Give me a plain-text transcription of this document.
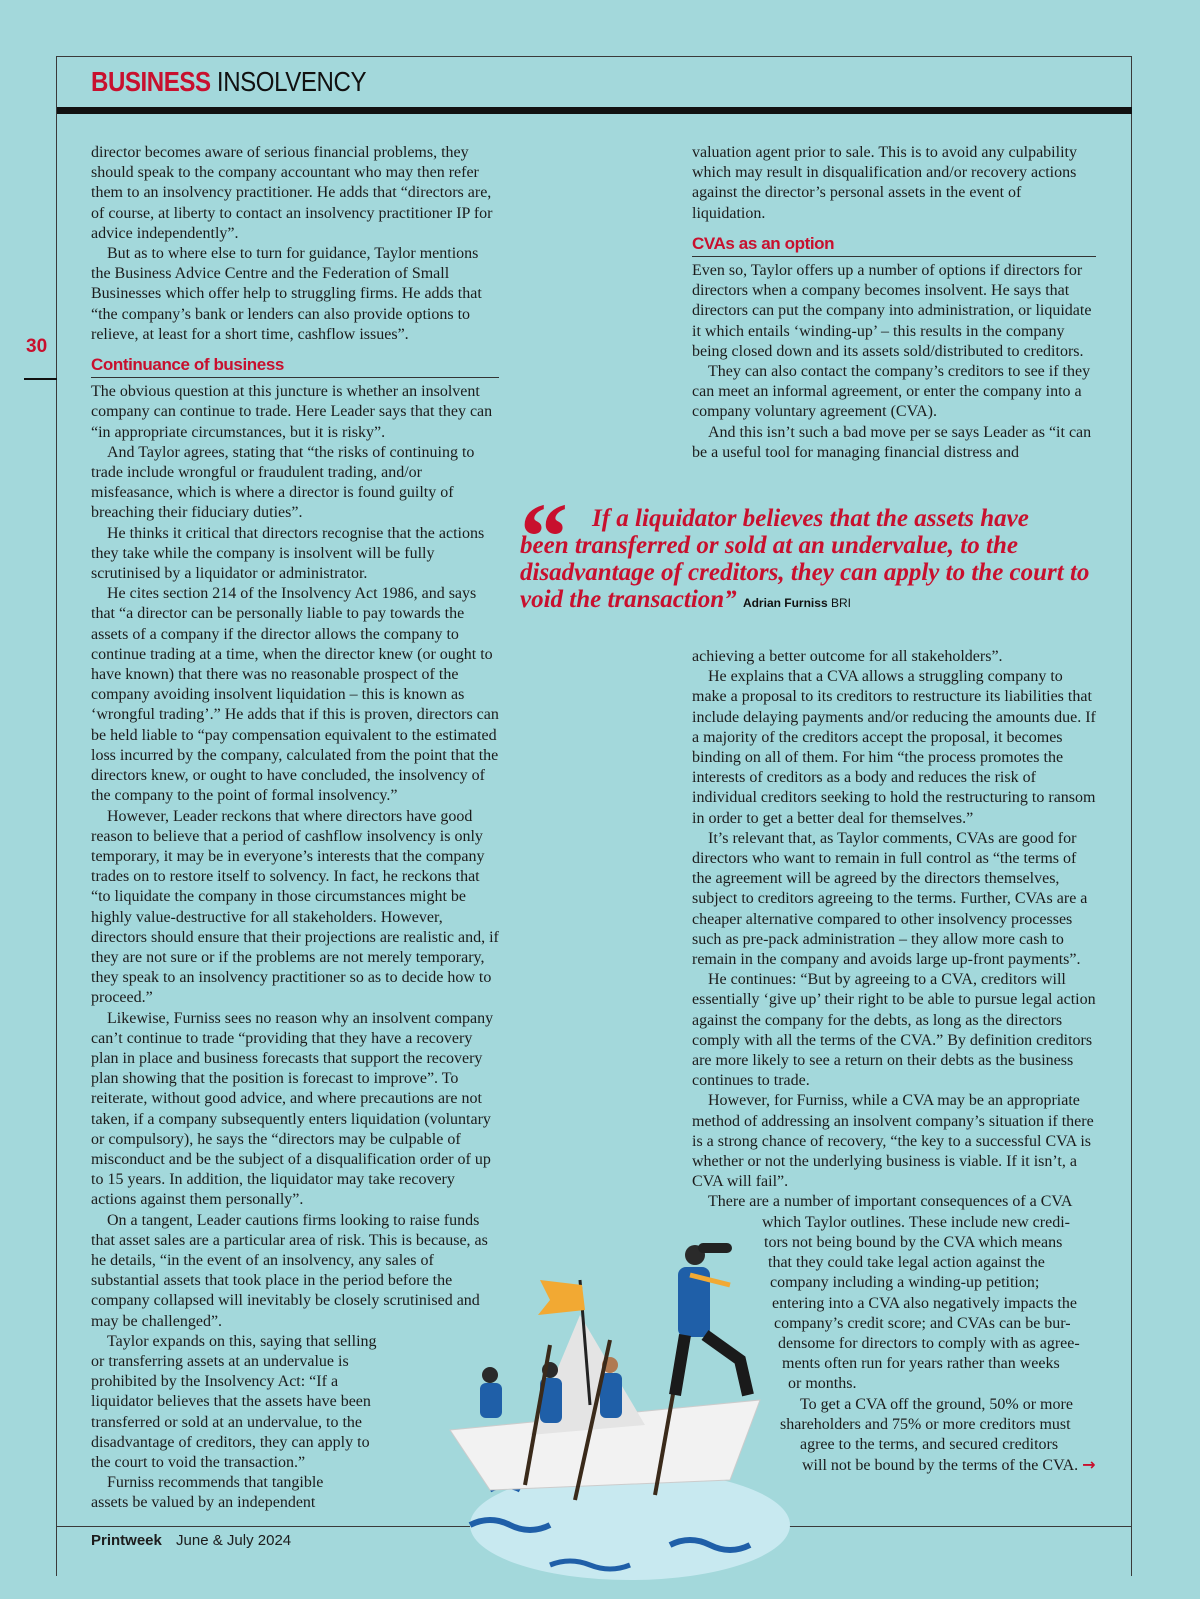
BUSINESS INSOLVENCY
30

director becomes aware of serious financial problems, they should speak to the company accountant who may then refer them to an insolvency practitioner. He adds that “directors are, of course, at liberty to contact an insolvency practitioner IP for advice independently”.

But as to where else to turn for guidance, Taylor mentions the Business Advice Centre and the Federation of Small Businesses which offer help to struggling firms. He adds that “the company’s bank or lenders can also provide options to relieve, at least for a short time, cashflow issues”.

Continuance of business

The obvious question at this juncture is whether an insolvent company can continue to trade. Here Leader says that they can “in appropriate circumstances, but it is risky”.

And Taylor agrees, stating that “the risks of continuing to trade include wrongful or fraudulent trading, and/or misfeasance, which is where a director is found guilty of breaching their fiduciary duties”.

He thinks it critical that directors recognise that the actions they take while the company is insolvent will be fully scrutinised by a liquidator or administrator.

He cites section 214 of the Insolvency Act 1986, and says that “a director can be personally liable to pay towards the assets of a company if the director allows the company to continue trading at a time, when the director knew (or ought to have known) that there was no reasonable prospect of the company avoiding insolvent liquidation – this is known as ‘wrongful trading’.” He adds that if this is proven, directors can be held liable to “pay compensation equivalent to the estimated loss incurred by the company, calculated from the point that the directors knew, or ought to have concluded, the insolvency of the company to the point of formal insolvency.”

However, Leader reckons that where directors have good reason to believe that a period of cashflow insolvency is only temporary, it may be in everyone’s interests that the company trades on to restore itself to solvency. In fact, he reckons that “to liquidate the company in those circumstances might be highly value-destructive for all stakeholders. However, directors should ensure that their projections are realistic and, if they are not sure or if the problems are not merely temporary, they speak to an insolvency practitioner so as to decide how to proceed.”

Likewise, Furniss sees no reason why an insolvent company can’t continue to trade “providing that they have a recovery plan in place and business forecasts that support the recovery plan showing that the position is forecast to improve”. To reiterate, without good advice, and where precautions are not taken, if a company subsequently enters liquidation (voluntary or compulsory), he says the “directors may be culpable of misconduct and be the subject of a disqualification order of up to 15 years. In addition, the liquidator may take recovery actions against them personally”.

On a tangent, Leader cautions firms looking to raise funds that asset sales are a particular area of risk. This is because, as he details, “in the event of an insolvency, any sales of substantial assets that took place in the period before the company collapsed will inevitably be closely scrutinised and may be challenged”.

Taylor expands on this, saying that selling or transferring assets at an undervalue is prohibited by the Insolvency Act: “If a liquidator believes that the assets have been transferred or sold at an undervalue, to the disadvantage of creditors, they can apply to the court to void the transaction.”

Furniss recommends that tangible assets be valued by an independent

valuation agent prior to sale. This is to avoid any culpability which may result in disqualification and/or recovery actions against the director’s personal assets in the event of liquidation.

CVAs as an option

Even so, Taylor offers up a number of options if directors for directors when a company becomes insolvent. He says that directors can put the company into administration, or liquidate it which entails ‘winding-up’ – this results in the company being closed down and its assets sold/distributed to creditors.

They can also contact the company’s creditors to see if they can meet an informal agreement, or enter the company into a company voluntary agreement (CVA).

And this isn’t such a bad move per se says Leader as “it can be a useful tool for managing financial distress and

“ If a liquidator believes that the assets have
been transferred or sold at an undervalue, to the disadvantage of creditors, they can apply to the court to void the transaction” Adrian Furniss BRI

achieving a better outcome for all stakeholders”.

He explains that a CVA allows a struggling company to make a proposal to its creditors to restructure its liabilities that include delaying payments and/or reducing the amounts due. If a majority of the creditors accept the proposal, it becomes binding on all of them. For him “the process promotes the interests of creditors as a body and reduces the risk of individual creditors seeking to hold the restructuring to ransom in order to get a better deal for themselves.”

It’s relevant that, as Taylor comments, CVAs are good for directors who want to remain in full control as “the terms of the agreement will be agreed by the directors themselves, subject to creditors agreeing to the terms. Further, CVAs are a cheaper alternative compared to other insolvency processes such as pre-pack administration – they allow more cash to remain in the company and avoids large up-front payments”.

He continues: “But by agreeing to a CVA, creditors will essentially ‘give up’ their right to be able to pursue legal action against the company for the debts, as long as the directors comply with all the terms of the CVA.” By definition creditors are more likely to see a return on their debts as the business continues to trade.

However, for Furniss, while a CVA may be an appropriate method of addressing an insolvent company’s situation if there is a strong chance of recovery, “the key to a successful CVA is whether or not the underlying business is viable. If it isn’t, a CVA will fail”.

There are a number of important consequences of a CVA
which Taylor outlines. These include new credi-
tors not being bound by the CVA which means
that they could take legal action against the
company including a winding-up petition;
entering into a CVA also negatively impacts the
company’s credit score; and CVAs can be bur-
densome for directors to comply with as agree-
ments often run for years rather than weeks
or months.
To get a CVA off the ground, 50% or more
shareholders and 75% or more creditors must
agree to the terms, and secured creditors
will not be bound by the terms of the CVA. →
Printweek June & July 2024
